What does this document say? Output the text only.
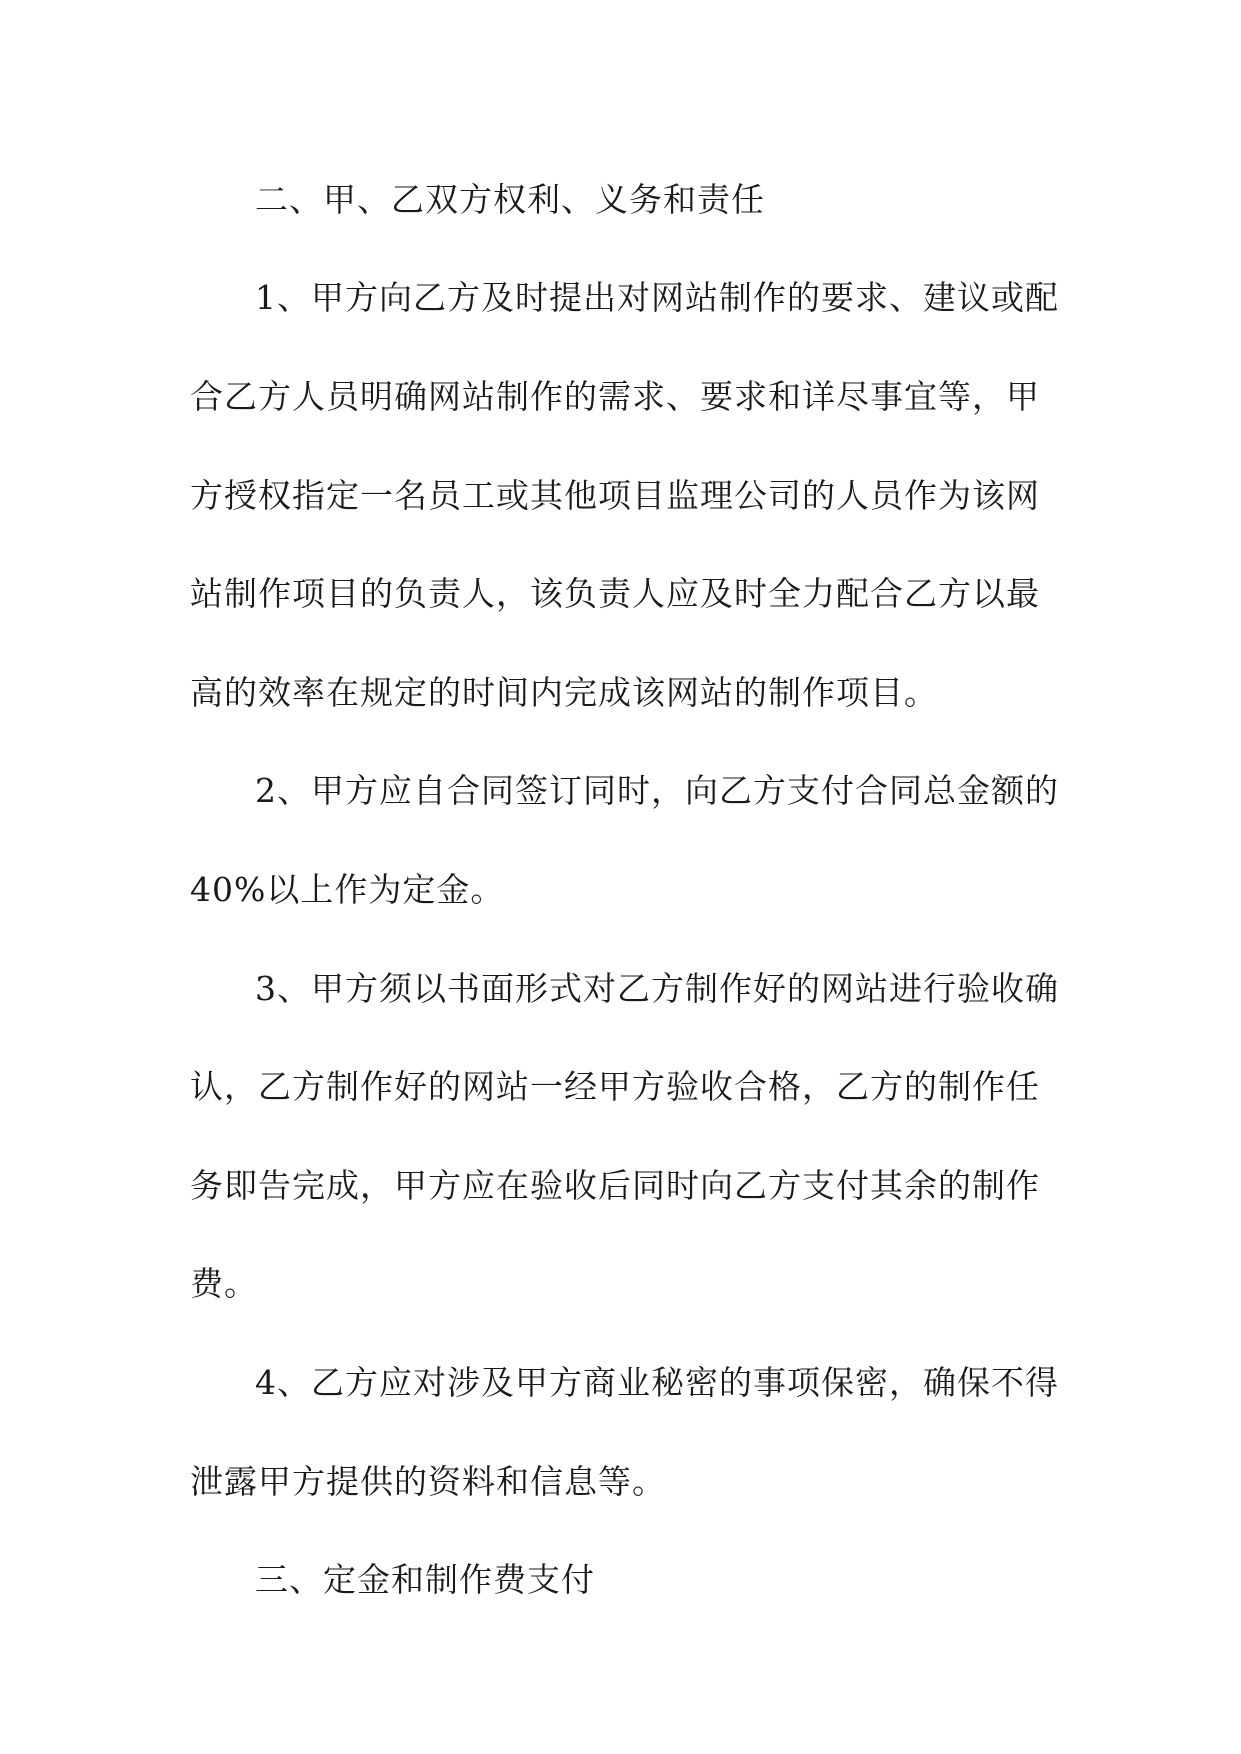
二、甲、乙双方权利、义务和责任
1、甲方向乙方及时提出对网站制作的要求、建议或配
合乙方人员明确网站制作的需求、要求和详尽事宜等，甲
方授权指定一名员工或其他项目监理公司的人员作为该网
站制作项目的负责人，该负责人应及时全力配合乙方以最
高的效率在规定的时间内完成该网站的制作项目。
2、甲方应自合同签订同时，向乙方支付合同总金额的
40%以上作为定金。
3、甲方须以书面形式对乙方制作好的网站进行验收确
认，乙方制作好的网站一经甲方验收合格，乙方的制作任
务即告完成，甲方应在验收后同时向乙方支付其余的制作
费。
4、乙方应对涉及甲方商业秘密的事项保密，确保不得
泄露甲方提供的资料和信息等。
三、定金和制作费支付
